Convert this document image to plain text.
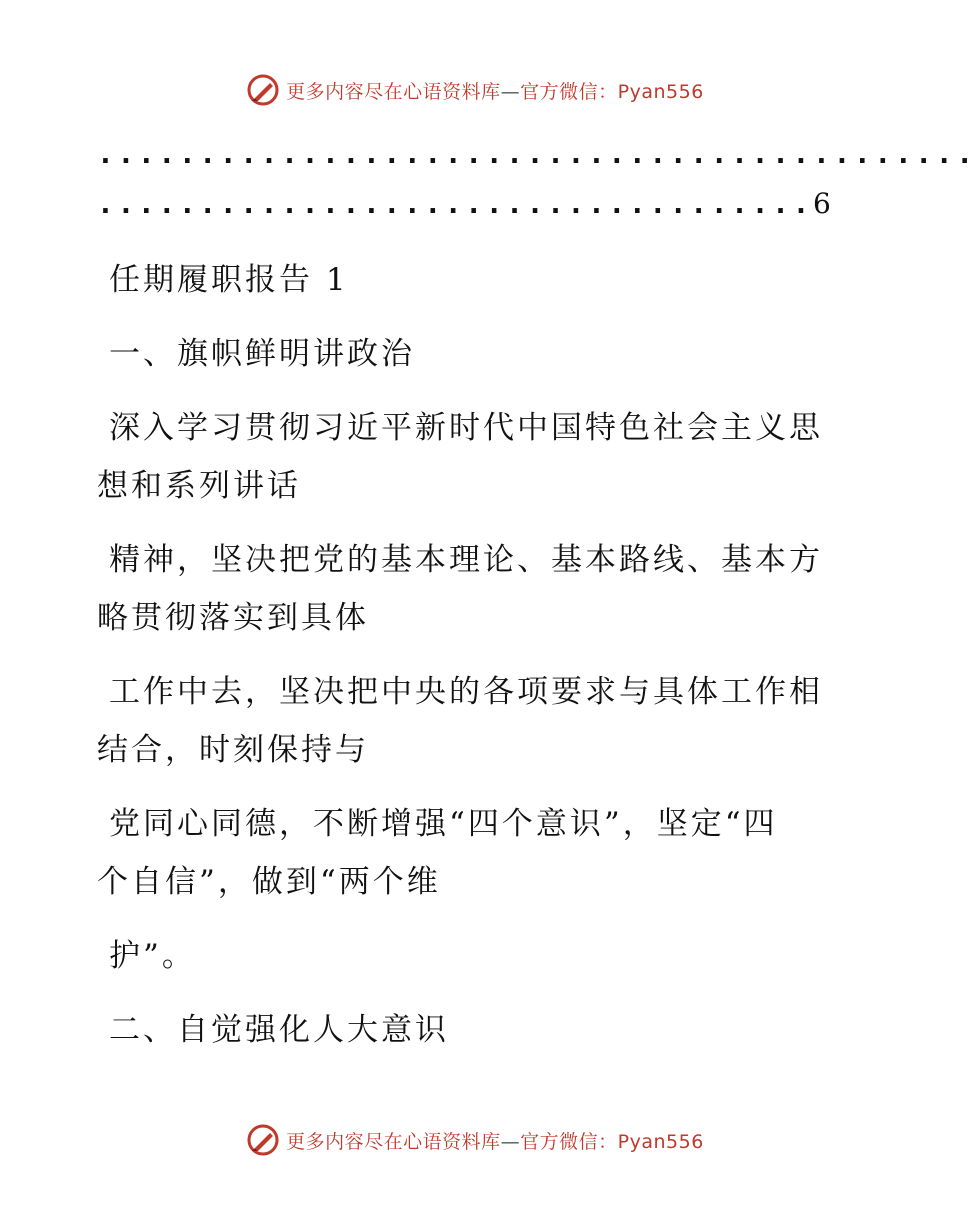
更多内容尽在心语资料库—官方微信：Pyan556
...........................................
...................................6
任期履职报告 1
一、旗帜鲜明讲政治
深入学习贯彻习近平新时代中国特色社会主义思
想和系列讲话
精神，坚决把党的基本理论、基本路线、基本方
略贯彻落实到具体
工作中去，坚决把中央的各项要求与具体工作相
结合，时刻保持与
党同心同德，不断增强“四个意识”，坚定“四
个自信”，做到“两个维
护”。
二、自觉强化人大意识
更多内容尽在心语资料库—官方微信：Pyan556
